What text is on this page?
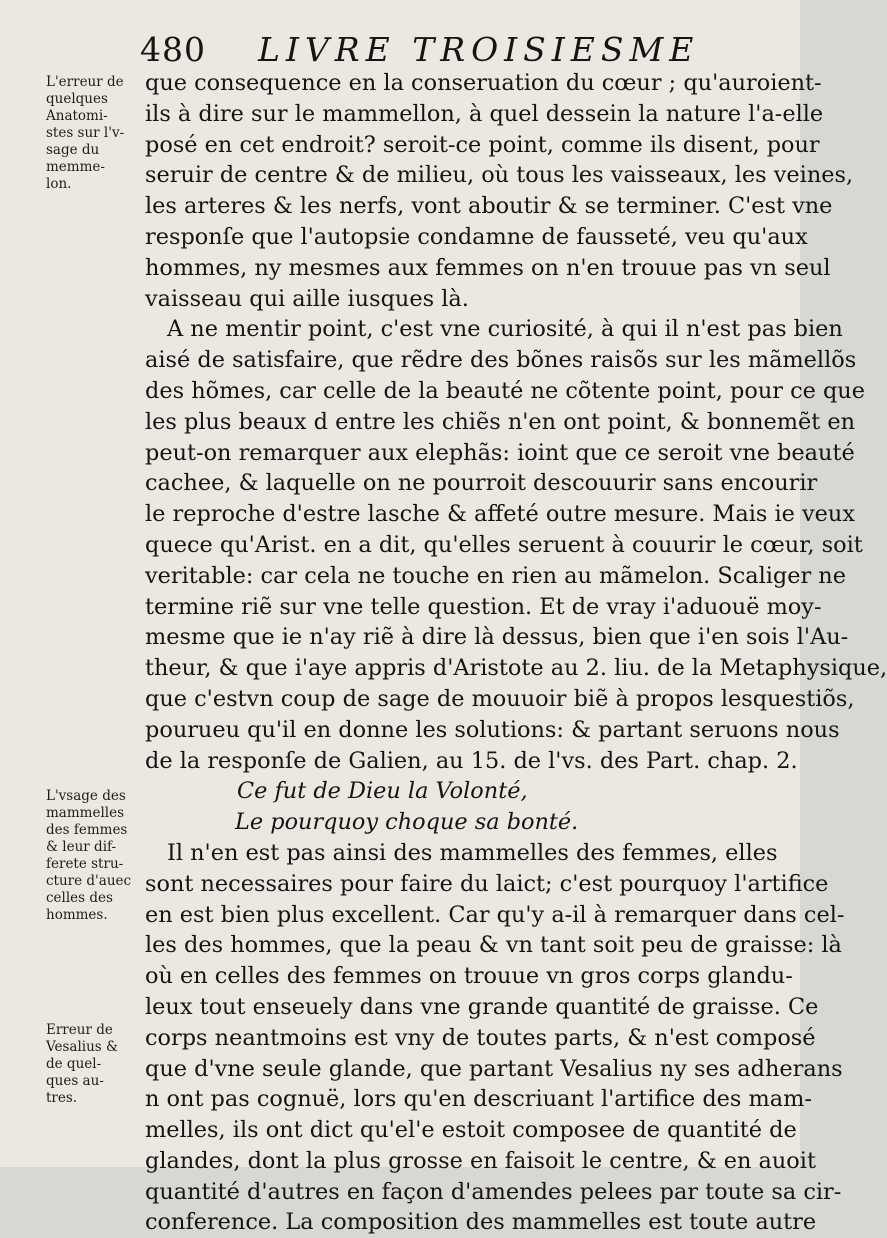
480 LIVRE TROISIESME
L'erreur de
quelques
Anatomi-
stes sur l'v-
sage du
memme-
lon.
L'vsage des
mammelles
des femmes
& leur dif-
ferete stru-
cture d'auec
celles des
hommes.
Erreur de
Vesalius &
de quel-
ques au-
tres.
que consequence en la conseruation du cœur ; qu'auroient-
ils à dire sur le mammellon, à quel dessein la nature l'a-elle
posé en cet endroit? seroit-ce point, comme ils disent, pour
seruir de centre & de milieu, où tous les vaisseaux, les veines,
les arteres & les nerfs, vont aboutir & se terminer. C'est vne
responſe que l'autopsie condamne de fausseté, veu qu'aux
hommes, ny mesmes aux femmes on n'en trouue pas vn seul
vaisseau qui aille iusques là.
A ne mentir point, c'est vne curiosité, à qui il n'est pas bien
aisé de satisfaire, que rẽdre des bõnes raisõs sur les mãmellõs
des hõmes, car celle de la beauté ne cõtente point, pour ce que
les plus beaux d entre les chiẽs n'en ont point, & bonnemẽt en
peut-on remarquer aux elephãs: ioint que ce seroit vne beauté
cachee, & laquelle on ne pourroit descouurir sans encourir
le reproche d'estre lasche & affeté outre mesure. Mais ie veux
quece qu'Arist. en a dit, qu'elles seruent à couurir le cœur, soit
veritable: car cela ne touche en rien au mãmelon. Scaliger ne
termine riẽ sur vne telle question. Et de vray i'aduouë moy-
mesme que ie n'ay riẽ à dire là dessus, bien que i'en sois l'Au-
theur, & que i'aye appris d'Aristote au 2. liu. de la Metaphysique,
que c'estvn coup de sage de mouuoir biẽ à propos lesquestiõs,
pourueu qu'il en donne les solutions: & partant seruons nous
de la responſe de Galien, au 15. de l'vs. des Part. chap. 2.
Ce fut de Dieu la Volonté,
Le pourquoy choque sa bonté.
Il n'en est pas ainsi des mammelles des femmes, elles
sont necessaires pour faire du laict; c'est pourquoy l'artifice
en est bien plus excellent. Car qu'y a-il à remarquer dans cel-
les des hommes, que la peau & vn tant soit peu de graisse: là
où en celles des femmes on trouue vn gros corps glandu-
leux tout enseuely dans vne grande quantité de graisse. Ce
corps neantmoins est vny de toutes parts, & n'est composé
que d'vne seule glande, que partant Vesalius ny ses adherans
n ont pas cognuë, lors qu'en descriuant l'artifice des mam-
melles, ils ont dict qu'el'e estoit composee de quantité de
glandes, dont la plus grosse en faisoit le centre, & en auoit
quantité d'autres en façon d'amendes pelees par toute sa cir-
conference. La composition des mammelles est toute autre
